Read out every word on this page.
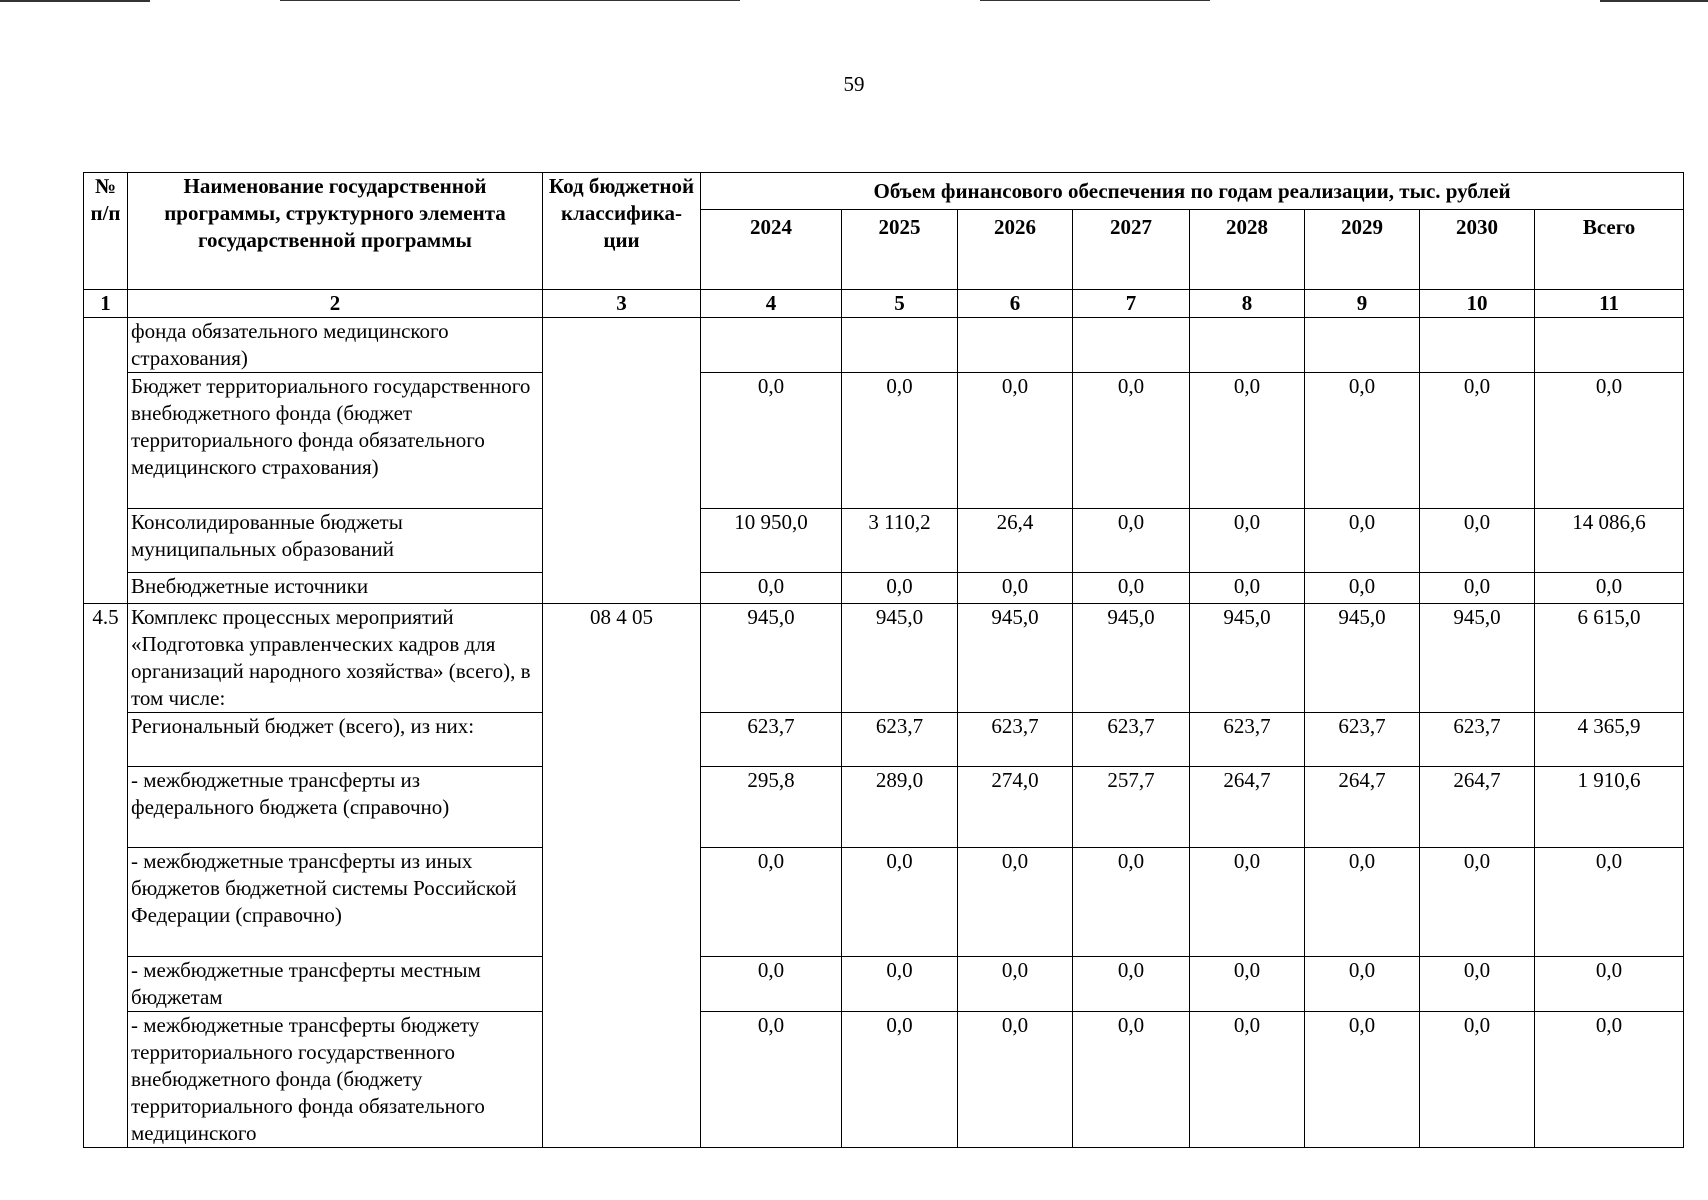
59
№ п/п	Наименование государственной программы, структурного элемента государственной программы	Код бюджетной классифика-ции	Объем финансового обеспечения по годам реализации, тыс. рублей							
			2024	2025	2026	2027	2028	2029	2030	Всего
1	2	3	4	5	6	7	8	9	10	11
	фонда обязательного медицинского страхования)									
	Бюджет территориального государственного внебюджетного фонда (бюджет территориального фонда обязательного медицинского страхования)		0,0	0,0	0,0	0,0	0,0	0,0	0,0	0,0
	Консолидированные бюджеты муниципальных образований		10 950,0	3 110,2	26,4	0,0	0,0	0,0	0,0	14 086,6
	Внебюджетные источники		0,0	0,0	0,0	0,0	0,0	0,0	0,0	0,0
4.5	Комплекс процессных мероприятий «Подготовка управленческих кадров для организаций народного хозяйства» (всего), в том числе:	08 4 05	945,0	945,0	945,0	945,0	945,0	945,0	945,0	6 615,0
	Региональный бюджет (всего), из них:		623,7	623,7	623,7	623,7	623,7	623,7	623,7	4 365,9
	- межбюджетные трансферты из федерального бюджета (справочно)		295,8	289,0	274,0	257,7	264,7	264,7	264,7	1 910,6
	- межбюджетные трансферты из иных бюджетов бюджетной системы Российской Федерации (справочно)		0,0	0,0	0,0	0,0	0,0	0,0	0,0	0,0
	- межбюджетные трансферты местным бюджетам		0,0	0,0	0,0	0,0	0,0	0,0	0,0	0,0
	- межбюджетные трансферты бюджету территориального государственного внебюджетного фонда (бюджету территориального фонда обязательного медицинского		0,0	0,0	0,0	0,0	0,0	0,0	0,0	0,0
